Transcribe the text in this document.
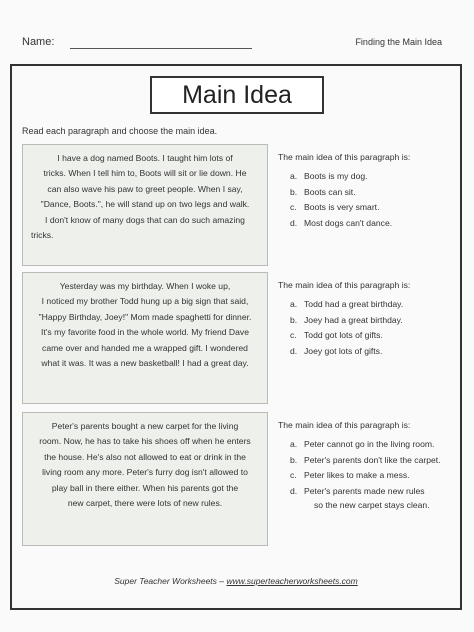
Name:	Finding the Main Idea
Main Idea
Read each paragraph and choose the main idea.
I have a dog named Boots. I taught him lots of
tricks. When I tell him to, Boots will sit or lie down. He
can also wave his paw to greet people. When I say,
"Dance, Boots.", he will stand up on two legs and walk.
I don't know of many dogs that can do such amazing
tricks.
The main idea of this paragraph is:
a. Boots is my dog.
b. Boots can sit.
c. Boots is very smart.
d. Most dogs can't dance.
Yesterday was my birthday. When I woke up,
I noticed my brother Todd hung up a big sign that said,
"Happy Birthday, Joey!" Mom made spaghetti for dinner.
It's my favorite food in the whole world. My friend Dave
came over and handed me a wrapped gift. I wondered
what it was. It was a new basketball! I had a great day.
The main idea of this paragraph is:
a. Todd had a great birthday.
b. Joey had a great birthday.
c. Todd got lots of gifts.
d. Joey got lots of gifts.
Peter's parents bought a new carpet for the living
room. Now, he has to take his shoes off when he enters
the house. He's also not allowed to eat or drink in the
living room any more. Peter's furry dog isn't allowed to
play ball in there either. When his parents got the
new carpet, there were lots of new rules.
The main idea of this paragraph is:
a. Peter cannot go in the living room.
b. Peter's parents don't like the carpet.
c. Peter likes to make a mess.
d. Peter's parents made new rules
so the new carpet stays clean.
Super Teacher Worksheets – www.superteacherworksheets.com
